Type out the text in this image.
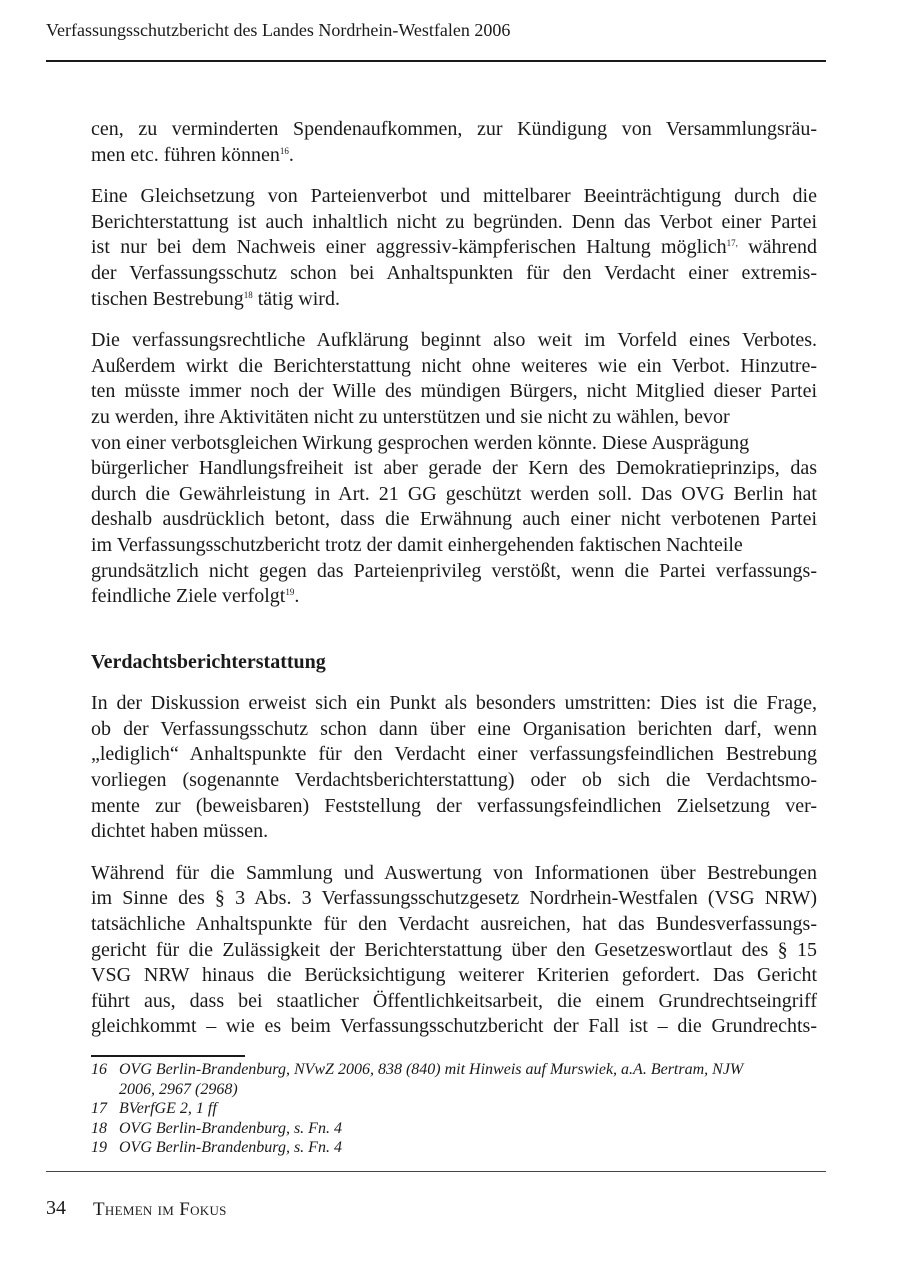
Verfassungsschutzbericht des Landes Nordrhein-Westfalen 2006

cen, zu verminderten Spendenaufkommen, zur Kündigung von Versammlungsräu-
men etc. führen können$^{16}$.

Eine Gleichsetzung von Parteienverbot und mittelbarer Beeinträchtigung durch die
Berichterstattung ist auch inhaltlich nicht zu begründen. Denn das Verbot einer Partei
ist nur bei dem Nachweis einer aggressiv-kämpferischen Haltung möglich$^{17,}$ während
der Verfassungsschutz schon bei Anhaltspunkten für den Verdacht einer extremis-
tischen Bestrebung$^{18}$ tätig wird.

Die verfassungsrechtliche Aufklärung beginnt also weit im Vorfeld eines Verbotes.
Außerdem wirkt die Berichterstattung nicht ohne weiteres wie ein Verbot. Hinzutre-
ten müsste immer noch der Wille des mündigen Bürgers, nicht Mitglied dieser Partei
zu werden, ihre Aktivitäten nicht zu unterstützen und sie nicht zu wählen, bevor
von einer verbotsgleichen Wirkung gesprochen werden könnte. Diese Ausprägung
bürgerlicher Handlungsfreiheit ist aber gerade der Kern des Demokratieprinzips, das
durch die Gewährleistung in Art. 21 GG geschützt werden soll. Das OVG Berlin hat
deshalb ausdrücklich betont, dass die Erwähnung auch einer nicht verbotenen Partei
im Verfassungsschutzbericht trotz der damit einhergehenden faktischen Nachteile
grundsätzlich nicht gegen das Parteienprivileg verstößt, wenn die Partei verfassungs-
feindliche Ziele verfolgt$^{19}$.

Verdachtsberichterstattung

In der Diskussion erweist sich ein Punkt als besonders umstritten: Dies ist die Frage,
ob der Verfassungsschutz schon dann über eine Organisation berichten darf, wenn
„lediglich“ Anhaltspunkte für den Verdacht einer verfassungsfeindlichen Bestrebung
vorliegen (sogenannte Verdachtsberichterstattung) oder ob sich die Verdachtsmo-
mente zur (beweisbaren) Feststellung der verfassungsfeindlichen Zielsetzung ver-
dichtet haben müssen.

Während für die Sammlung und Auswertung von Informationen über Bestrebungen
im Sinne des § 3 Abs. 3 Verfassungsschutzgesetz Nordrhein-Westfalen (VSG NRW)
tatsächliche Anhaltspunkte für den Verdacht ausreichen, hat das Bundesverfassungs-
gericht für die Zulässigkeit der Berichterstattung über den Gesetzeswortlaut des § 15
VSG NRW hinaus die Berücksichtigung weiterer Kriterien gefordert. Das Gericht
führt aus, dass bei staatlicher Öffentlichkeitsarbeit, die einem Grundrechtseingriff
gleichkommt – wie es beim Verfassungsschutzbericht der Fall ist – die Grundrechts-

16 OVG Berlin-Brandenburg, NVwZ 2006, 838 (840) mit Hinweis auf Murswiek, a.A. Bertram, NJW
2006, 2967 (2968)
17 BVerfGE 2, 1 ff
18 OVG Berlin-Brandenburg, s. Fn. 4
19 OVG Berlin-Brandenburg, s. Fn. 4
34 Themen im Fokus
